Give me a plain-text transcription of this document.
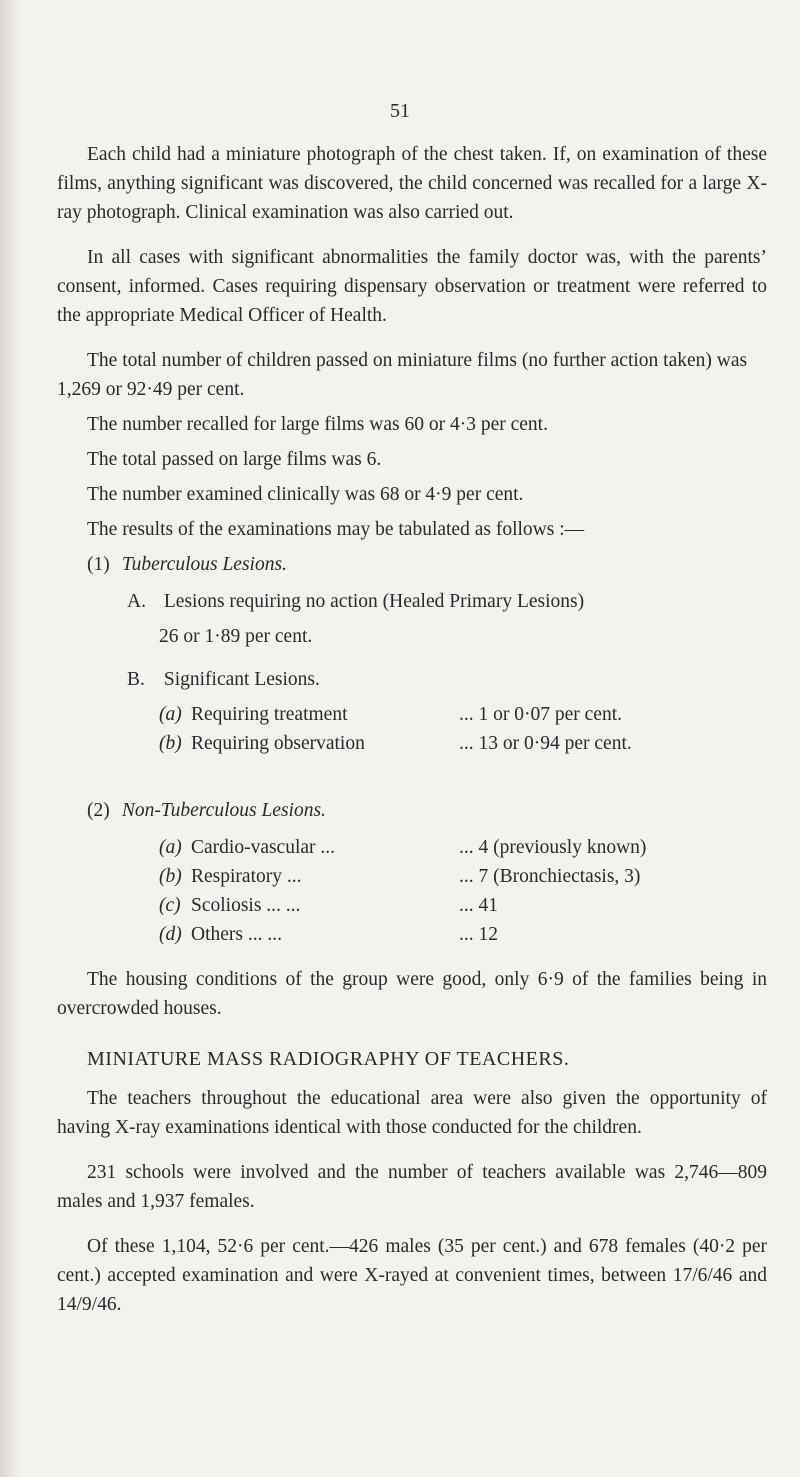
51

Each child had a miniature photograph of the chest taken. If, on examination of these films, anything significant was discovered, the child concerned was recalled for a large X-ray photograph. Clinical examination was also carried out.

In all cases with significant abnormalities the family doctor was, with the parents’ consent, informed. Cases requiring dispensary observation or treatment were referred to the appropriate Medical Officer of Health.

The total number of children passed on miniature films (no further action taken) was 1,269 or 92·49 per cent.

The number recalled for large films was 60 or 4·3 per cent.

The total passed on large films was 6.

The number examined clinically was 68 or 4·9 per cent.

The results of the examinations may be tabulated as follows :—

(1) Tuberculous Lesions.
A. Lesions requiring no action (Healed Primary Lesions)
26 or 1·89 per cent.
B. Significant Lesions.
(a) Requiring treatment	... 1 or 0·07 per cent.
(b) Requiring observation	... 13 or 0·94 per cent.
(2) Non-Tuberculous Lesions.
(a) Cardio-vascular ...	... 4 (previously known)
(b) Respiratory ...	... 7 (Bronchiectasis, 3)
(c) Scoliosis ... ...	... 41
(d) Others ... ...	... 12

The housing conditions of the group were good, only 6·9 of the families being in overcrowded houses.

MINIATURE MASS RADIOGRAPHY OF TEACHERS.

The teachers throughout the educational area were also given the opportunity of having X-ray examinations identical with those conducted for the children.

231 schools were involved and the number of teachers available was 2,746—809 males and 1,937 females.

Of these 1,104, 52·6 per cent.—426 males (35 per cent.) and 678 females (40·2 per cent.) accepted examination and were X-rayed at convenient times, between 17/6/46 and 14/9/46.
